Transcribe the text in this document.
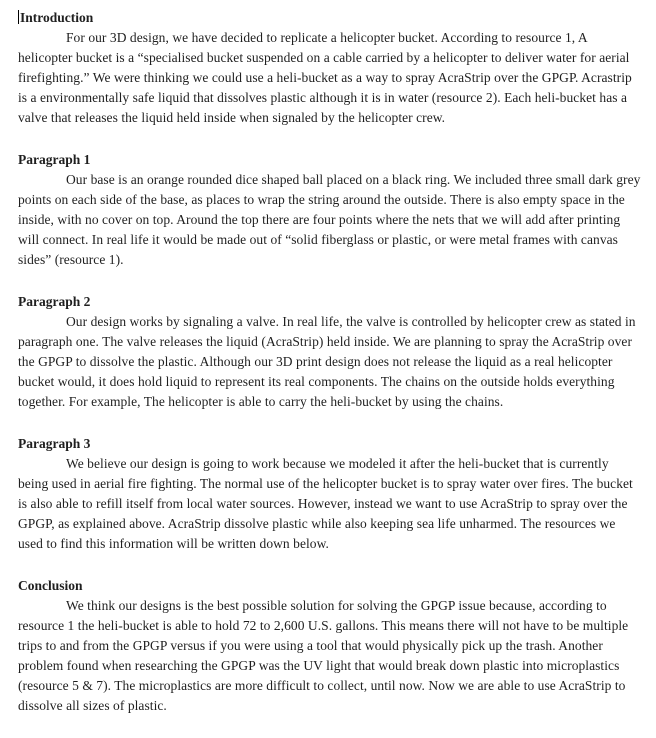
Introduction

For our 3D design, we have decided to replicate a helicopter bucket. According to resource 1, A helicopter bucket is a “specialised bucket suspended on a cable carried by a helicopter to deliver water for aerial firefighting.” We were thinking we could use a heli-bucket as a way to spray AcraStrip over the GPGP. Acrastrip is a environmentally safe liquid that dissolves plastic although it is in water (resource 2). Each heli-bucket has a valve that releases the liquid held inside when signaled by the helicopter crew.

Paragraph 1

Our base is an orange rounded dice shaped ball placed on a black ring. We included three small dark grey points on each side of the base, as places to wrap the string around the outside. There is also empty space in the inside, with no cover on top. Around the top there are four points where the nets that we will add after printing will connect. In real life it would be made out of “solid fiberglass or plastic, or were metal frames with canvas sides” (resource 1).

Paragraph 2

Our design works by signaling a valve. In real life, the valve is controlled by helicopter crew as stated in paragraph one. The valve releases the liquid (AcraStrip) held inside. We are planning to spray the AcraStrip over the GPGP to dissolve the plastic. Although our 3D print design does not release the liquid as a real helicopter bucket would, it does hold liquid to represent its real components. The chains on the outside holds everything together. For example, The helicopter is able to carry the heli-bucket by using the chains.

Paragraph 3

We believe our design is going to work because we modeled it after the heli-bucket that is currently being used in aerial fire fighting. The normal use of the helicopter bucket is to spray water over fires. The bucket is also able to refill itself from local water sources. However, instead we want to use AcraStrip to spray over the GPGP, as explained above. AcraStrip dissolve plastic while also keeping sea life unharmed. The resources we used to find this information will be written down below.

Conclusion

We think our designs is the best possible solution for solving the GPGP issue because, according to resource 1 the heli-bucket is able to hold 72 to 2,600 U.S. gallons. This means there will not have to be multiple trips to and from the GPGP versus if you were using a tool that would physically pick up the trash. Another problem found when researching the GPGP was the UV light that would break down plastic into microplastics (resource 5 & 7). The microplastics are more difficult to collect, until now. Now we are able to use AcraStrip to dissolve all sizes of plastic.
